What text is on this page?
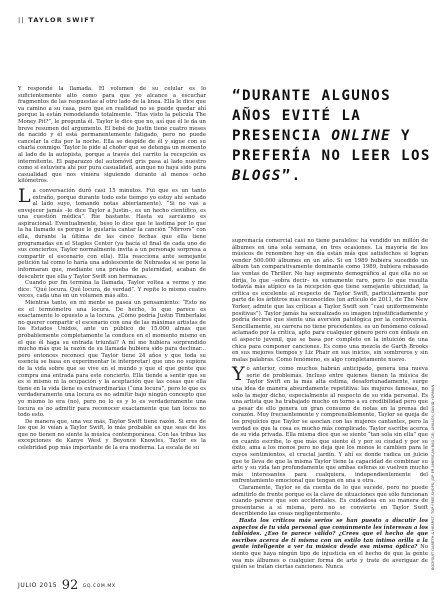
|| TAYLOR SWIFT

Y respondé la llamada. El volumen de su celular es lo suficientemente alto como para que yo alcance a escuchar fragmentos de las respuestas al otro lado de la línea. Ella le dice que va camino a su casa, pero que en realidad no se puede quedar ahí porque la están remodelando totalmente. “Has visto la película The Money Pit?”, le pregunta él. Taylor le dice que no, así que él le da un breve resumen del argumento. El bebé de Justin tiene cuatro meses de nacido y él está permanentemente fatigado, pero no puede cancelar la cita por la noche. Ella se despide de él y sigue con su charla conmigo. Taylor le pide al chofer que se detenga un momento al lado de la autopista, porque a través del carrito la recepción es intermitente. El paparazzo del automóvil gris pasa al lado nuestro como si estuviera ahí por pura casualidad, aunque no haya sido pura casualidad que nos viniera siguiendo durante al menos ocho kilómetros.

La conversación duró casi 15 minutos. Fui que es un tanto extraño, porque durante todo este tiempo yo estoy ahí sentado al lado suyo, tomando notas abiertamente). “Si no vas a envejecer jamás –le dice Taylor a Justin–, es un hecho científico, es una cuestión médica”. Ríe bastante. Hasta su sarcasmo es aspiracional. Eventualmente, beso lo dice que le lastima por lo que la ha llamado es porque le gustaría cantar la canción “Mirrors” con ella, durante la última de las cinco fechas que ella tiene programadas en el Staples Center (ya hacía el final de cada uno de sus conciertos, Taylor normalmente invita a un personaje sorpresa a compartir el escenario con ella). Ella reacciona ante semejante petición tal como lo haría una adolescente de Nebraska si se pone la informaran que, mediante una prueba de paternidad, acaban de descubrir que ella y Taylor Swift son hermanas.

Cuando por fin termina la llamada, Taylor voltea a verme y me dice: “Qué locura. Qué locura, de verdad”. Y repite lo mismo cuatro veces, cada una en un volumen más alto.

Mientras tanto, en mi mente se pasea un pensamiento: “Esto no es el termómetro una locura. De hecho, lo que parece es exactamente lo opuesto a la locura. ¿Cómo podría Justin Timberlake no querer compartir el escenario con una de las máximas artistas de los Estados Unidos, ante un público de 15.000 almas que probablemente completamente la conduce en el momento mismo en el que él haga su entrada triunfal? A mí me hubiera sorprendido mucho más que la razón de su llamada hubiera sido para declinar... pero entonces reconocí que Taylor tiene 24 años y que toda su esencia se basa en experimentar le interpretar) que uno no supiera de la vida sobre que se vive en el mundo y que el que gente que compra una entrada para este concierto. Ella tiende a sentir que su es sí mismo ni la ocupación y la aceptación que las cosas que ella tiene en la vida tiene es extraordinarias (“una locura”, pero lo que es verdaderamente una locura es no admitir bajo ningún concepto que yo mismo lo era (no), pero no lo es y lo es verdaderamente una locura es no admitir para reconocer exactamente que tan locos no todo esto.

De manera que, una vez más, Taylor Swift tiene razón. Si eres de los que lo veían a Taylor Swift, lo más probable es que seas de los que no tienen no siente la música contemporánea. Con las tribus las excepciones de Kanye West y Beyoncé Knowles, Taylor es la celebridad pop más importante de la era moderna. La escala de su

“DURANTE ALGUNOS AÑOS EVITÉ LA PRESENCIA ONLINE Y PREFERÍA NO LEER LOS BLOGS”.

supremacía comercial casi no tiene paralelos: ha vendido un millón de álbumes en una sola semana, en tres ocasiones. La mayoría de los músicos de renombre hoy en día están más que satisfechos si logran vender 500.000 álbumes en un año. Si en 1989 hubiera sucedido un álbum tan comparativamente dominante como 1989, hubiera rebasado las ventas de Thriller. No hay segmento demográfico al que ella no se dirija, lo que –sobra decir– es sumamente raro, pero lo que resulta todavía más atípico es la recepción que tiene semejante ubicuidad, la crítica es excelente al respecto de Taylor Swift, particularmente por parte de los árbitros más reconocidos (un artículo de 2011, de The New Yorker, admite que las críticas a Taylor Swift son “casi uniformemente positivas”). Taylor jamás ha sexualizado su imagen injustificadamente y podría decirse que siente una aversión patológica por la controversia. Sencillamente, su carrera no tiene precedentes. es un fenómeno colosal aclamado por la crítica, apto para cualquier género pero con énfasis en el aspecto juvenil, que se basa por completo en la intuición de una chica para componer canciones. Es como una mezcla de Garth Brooks en sus mejores tiempos y Liz Phair en sus inicios, sin sombreros y sin malas palabras. Como fenómeno, es algo completamente nuevo.

Yo anterior, como muchos habrán anticipado, genera una nueva serie de problemas. Incluso entre quienes tienen la música de Taylor Swift en la más alta estima, desafortunadamente, surge una idea de manera absurdamente repetitiva: las mujeres famosas, no solo la mejor dicho, especialmente al respecto de su vida personal. Es una artista que ha trabajado mucho en torno a su credibilidad pero que a pesar de ello genera un gran consumo de notas en la prensa del corazón. Muy frecuentemente y comprensiblemente, Taylor se queja de los prejuicios que Taylor se asocian con las mujeres cantantes, pero la verdad es que la cosa es mucho más complicado. Taylor escribe acerca de su vida privada. Ella misma dice que se siente “tan sola sin ella” que en cuanto escribe, lo que más que siente él y por su ciudad y por su éxito, ama a los monos pero no deja que los monos le cambien para le cuyos sentimientos, el crucial jardín. Y ahí es donde radica un juicio que te lleva de que la misma Taylor tiene la capacidad de combinar su arte y su vida tan profundamente que ambas esferas se vuelven mucho más interesantes para cualquiera, independientemente del enfrentamiento emocional que tengan en una u otra.

Claramente, Taylor se da cuenta de lo que sucede, pero no puede admitirlo de frente porque es la clave de situaciones que sólo funcionan cuando parece que son accidentales. Es cuidadosa en su manera de presentarse a sí misma, pero no se convierte en Taylor Swift describiendo las cosas negligentemente.

Hasta los críticos más serios se han puesto a discutir los aspectos de tu vida personal que comúnmente les interesan a los tabloides. ¿Eso te parece válido? ¿Crees que el hecho de que escribes acerca de ti misma con un estilo tan íntimo orilla a la gente inteligente a ver tu música desde esa misma óptica? No siento que haya ningún tipo de injusticia en el hecho de que la gente vea mis álbumes o cualquier forma de arte y trate de averiguar de quién se tratan ciertas canciones. Nunca	BODYSUIT GARETH & HEARST; TOP FREE-SHOPS; JOP ER AMERICAN BAG CIE; ANILLOS: DAVID YURMAN
JULIO 2015 92 GQ.COM.MX
